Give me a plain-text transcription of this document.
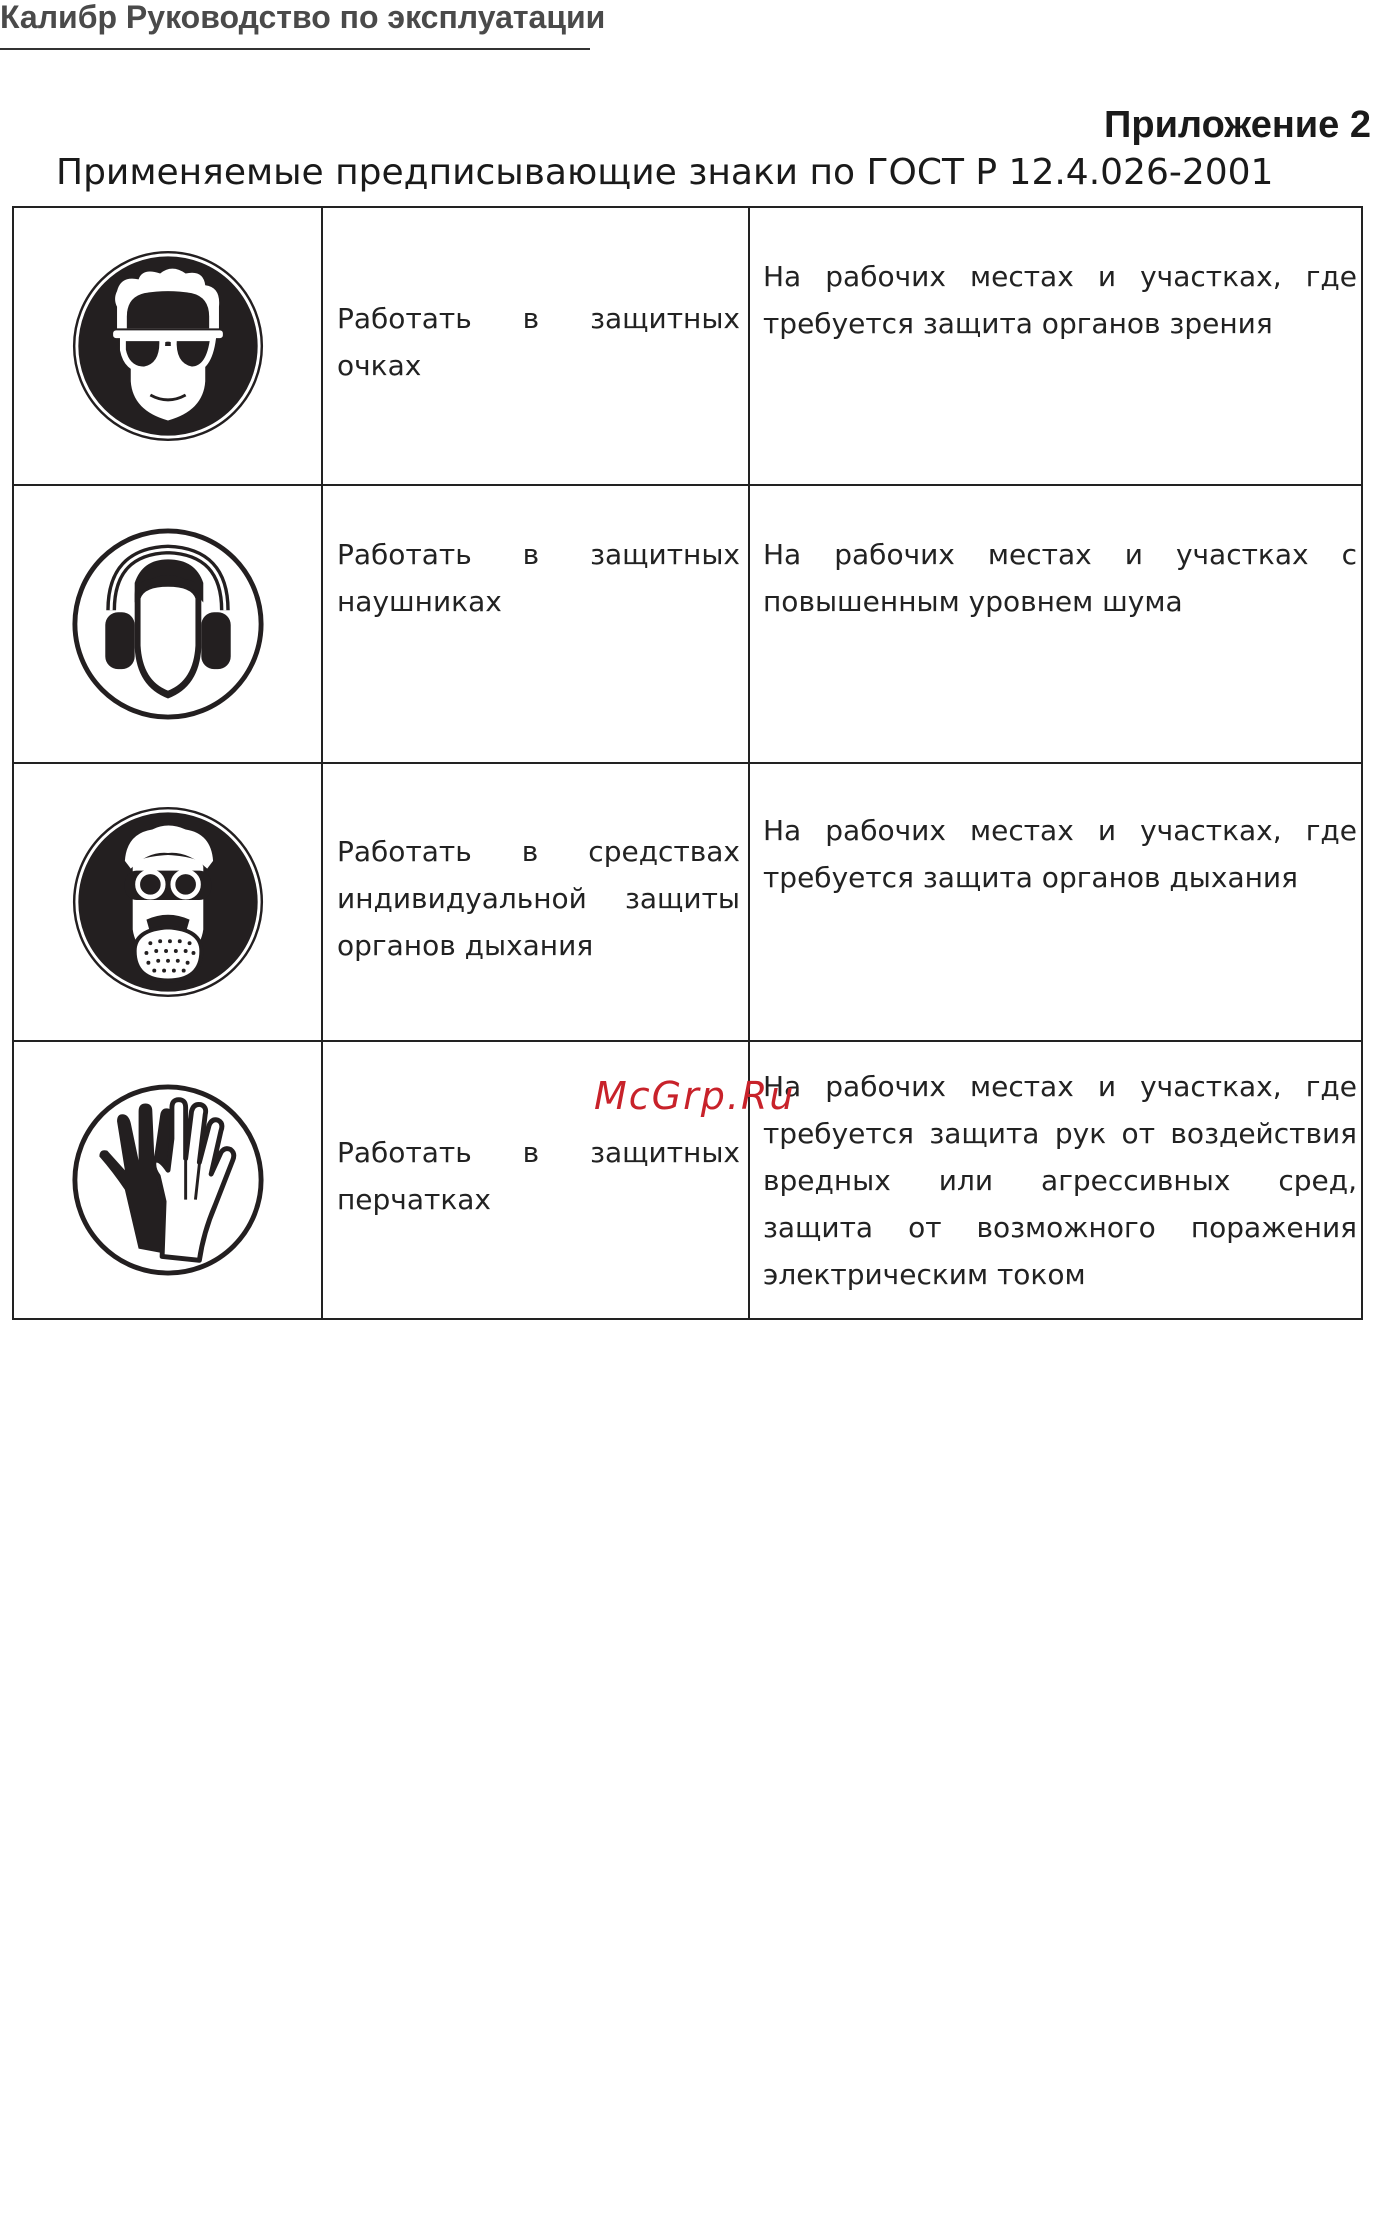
Калибр Руководство по эксплуатации
Приложение 2
Применяемые предписывающие знаки по ГОСТ Р 12.4.026-2001

Работать в защитных очках	На рабочих местах и участках, где требуется защита органов зрения

Работать в защитных наушниках	На рабочих местах и участках с повышенным уровнем шума

Работать в средствах индивидуальной защиты органов дыхания	На рабочих местах и участках, где требуется защита органов дыхания

Работать в защитных перчатках	На рабочих местах и участках, где требуется защита рук от воздействия вредных или агрессивных сред, защита от возможного поражения электрическим током
McGrp.Ru
